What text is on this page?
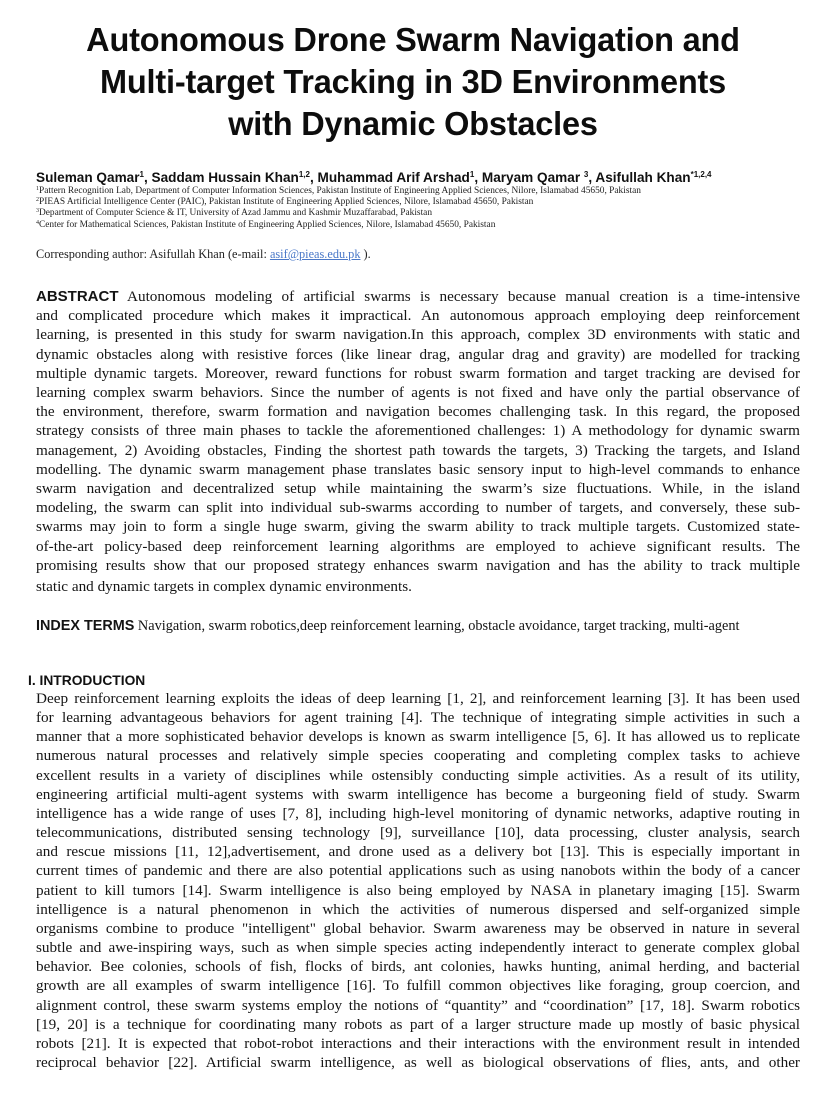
Autonomous Drone Swarm Navigation and
Multi-target Tracking in 3D Environments
with Dynamic Obstacles
Suleman Qamar$^1$, Saddam Hussain Khan$^{1,2}$, Muhammad Arif Arshad$^1$, Maryam Qamar $^3$, Asifullah Khan$^{*1,2,4}$
$^1$Pattern Recognition Lab, Department of Computer Information Sciences, Pakistan Institute of Engineering Applied Sciences, Nilore, Islamabad 45650, Pakistan
$^2$PIEAS Artificial Intelligence Center (PAIC), Pakistan Institute of Engineering Applied Sciences, Nilore, Islamabad 45650, Pakistan
$^3$Department of Computer Science & IT, University of Azad Jammu and Kashmir Muzaffarabad, Pakistan
$^4$Center for Mathematical Sciences, Pakistan Institute of Engineering Applied Sciences, Nilore, Islamabad 45650, Pakistan
Corresponding author: Asifullah Khan (e-mail: asif@pieas.edu.pk ).
ABSTRACT Autonomous modeling of artificial swarms is necessary because manual creation is a time-intensive
and complicated procedure which makes it impractical. An autonomous approach employing deep reinforcement
learning, is presented in this study for swarm navigation.In this approach, complex 3D environments with static and
dynamic obstacles along with resistive forces (like linear drag, angular drag and gravity) are modelled for tracking
multiple dynamic targets. Moreover, reward functions for robust swarm formation and target tracking are devised for
learning complex swarm behaviors. Since the number of agents is not fixed and have only the partial observance of
the environment, therefore, swarm formation and navigation becomes challenging task. In this regard, the proposed
strategy consists of three main phases to tackle the aforementioned challenges: 1) A methodology for dynamic swarm
management, 2) Avoiding obstacles, Finding the shortest path towards the targets, 3) Tracking the targets, and Island
modelling. The dynamic swarm management phase translates basic sensory input to high-level commands to enhance
swarm navigation and decentralized setup while maintaining the swarm’s size fluctuations. While, in the island
modeling, the swarm can split into individual sub-swarms according to number of targets, and conversely, these sub-
swarms may join to form a single huge swarm, giving the swarm ability to track multiple targets. Customized state-
of-the-art policy-based deep reinforcement learning algorithms are employed to achieve significant results. The
promising results show that our proposed strategy enhances swarm navigation and has the ability to track multiple
static and dynamic targets in complex dynamic environments.
INDEX TERMS Navigation, swarm robotics,deep reinforcement learning, obstacle avoidance, target tracking, multi-agent
I. INTRODUCTION
Deep reinforcement learning exploits the ideas of deep learning [1, 2], and reinforcement learning [3]. It has been used
for learning advantageous behaviors for agent training [4]. The technique of integrating simple activities in such a
manner that a more sophisticated behavior develops is known as swarm intelligence [5, 6]. It has allowed us to replicate
numerous natural processes and relatively simple species cooperating and completing complex tasks to achieve
excellent results in a variety of disciplines while ostensibly conducting simple activities. As a result of its utility,
engineering artificial multi-agent systems with swarm intelligence has become a burgeoning field of study. Swarm
intelligence has a wide range of uses [7, 8], including high-level monitoring of dynamic networks, adaptive routing in
telecommunications, distributed sensing technology [9], surveillance [10], data processing, cluster analysis, search
and rescue missions [11, 12],advertisement, and drone used as a delivery bot [13]. This is especially important in
current times of pandemic and there are also potential applications such as using nanobots within the body of a cancer
patient to kill tumors [14]. Swarm intelligence is also being employed by NASA in planetary imaging [15]. Swarm
intelligence is a natural phenomenon in which the activities of numerous dispersed and self-organized simple
organisms combine to produce "intelligent" global behavior. Swarm awareness may be observed in nature in several
subtle and awe-inspiring ways, such as when simple species acting independently interact to generate complex global
behavior. Bee colonies, schools of fish, flocks of birds, ant colonies, hawks hunting, animal herding, and bacterial
growth are all examples of swarm intelligence [16]. To fulfill common objectives like foraging, group coercion, and
alignment control, these swarm systems employ the notions of “quantity” and “coordination” [17, 18]. Swarm robotics
[19, 20] is a technique for coordinating many robots as part of a larger structure made up mostly of basic physical
robots [21]. It is expected that robot-robot interactions and their interactions with the environment result in intended
reciprocal behavior [22]. Artificial swarm intelligence, as well as biological observations of flies, ants, and other
